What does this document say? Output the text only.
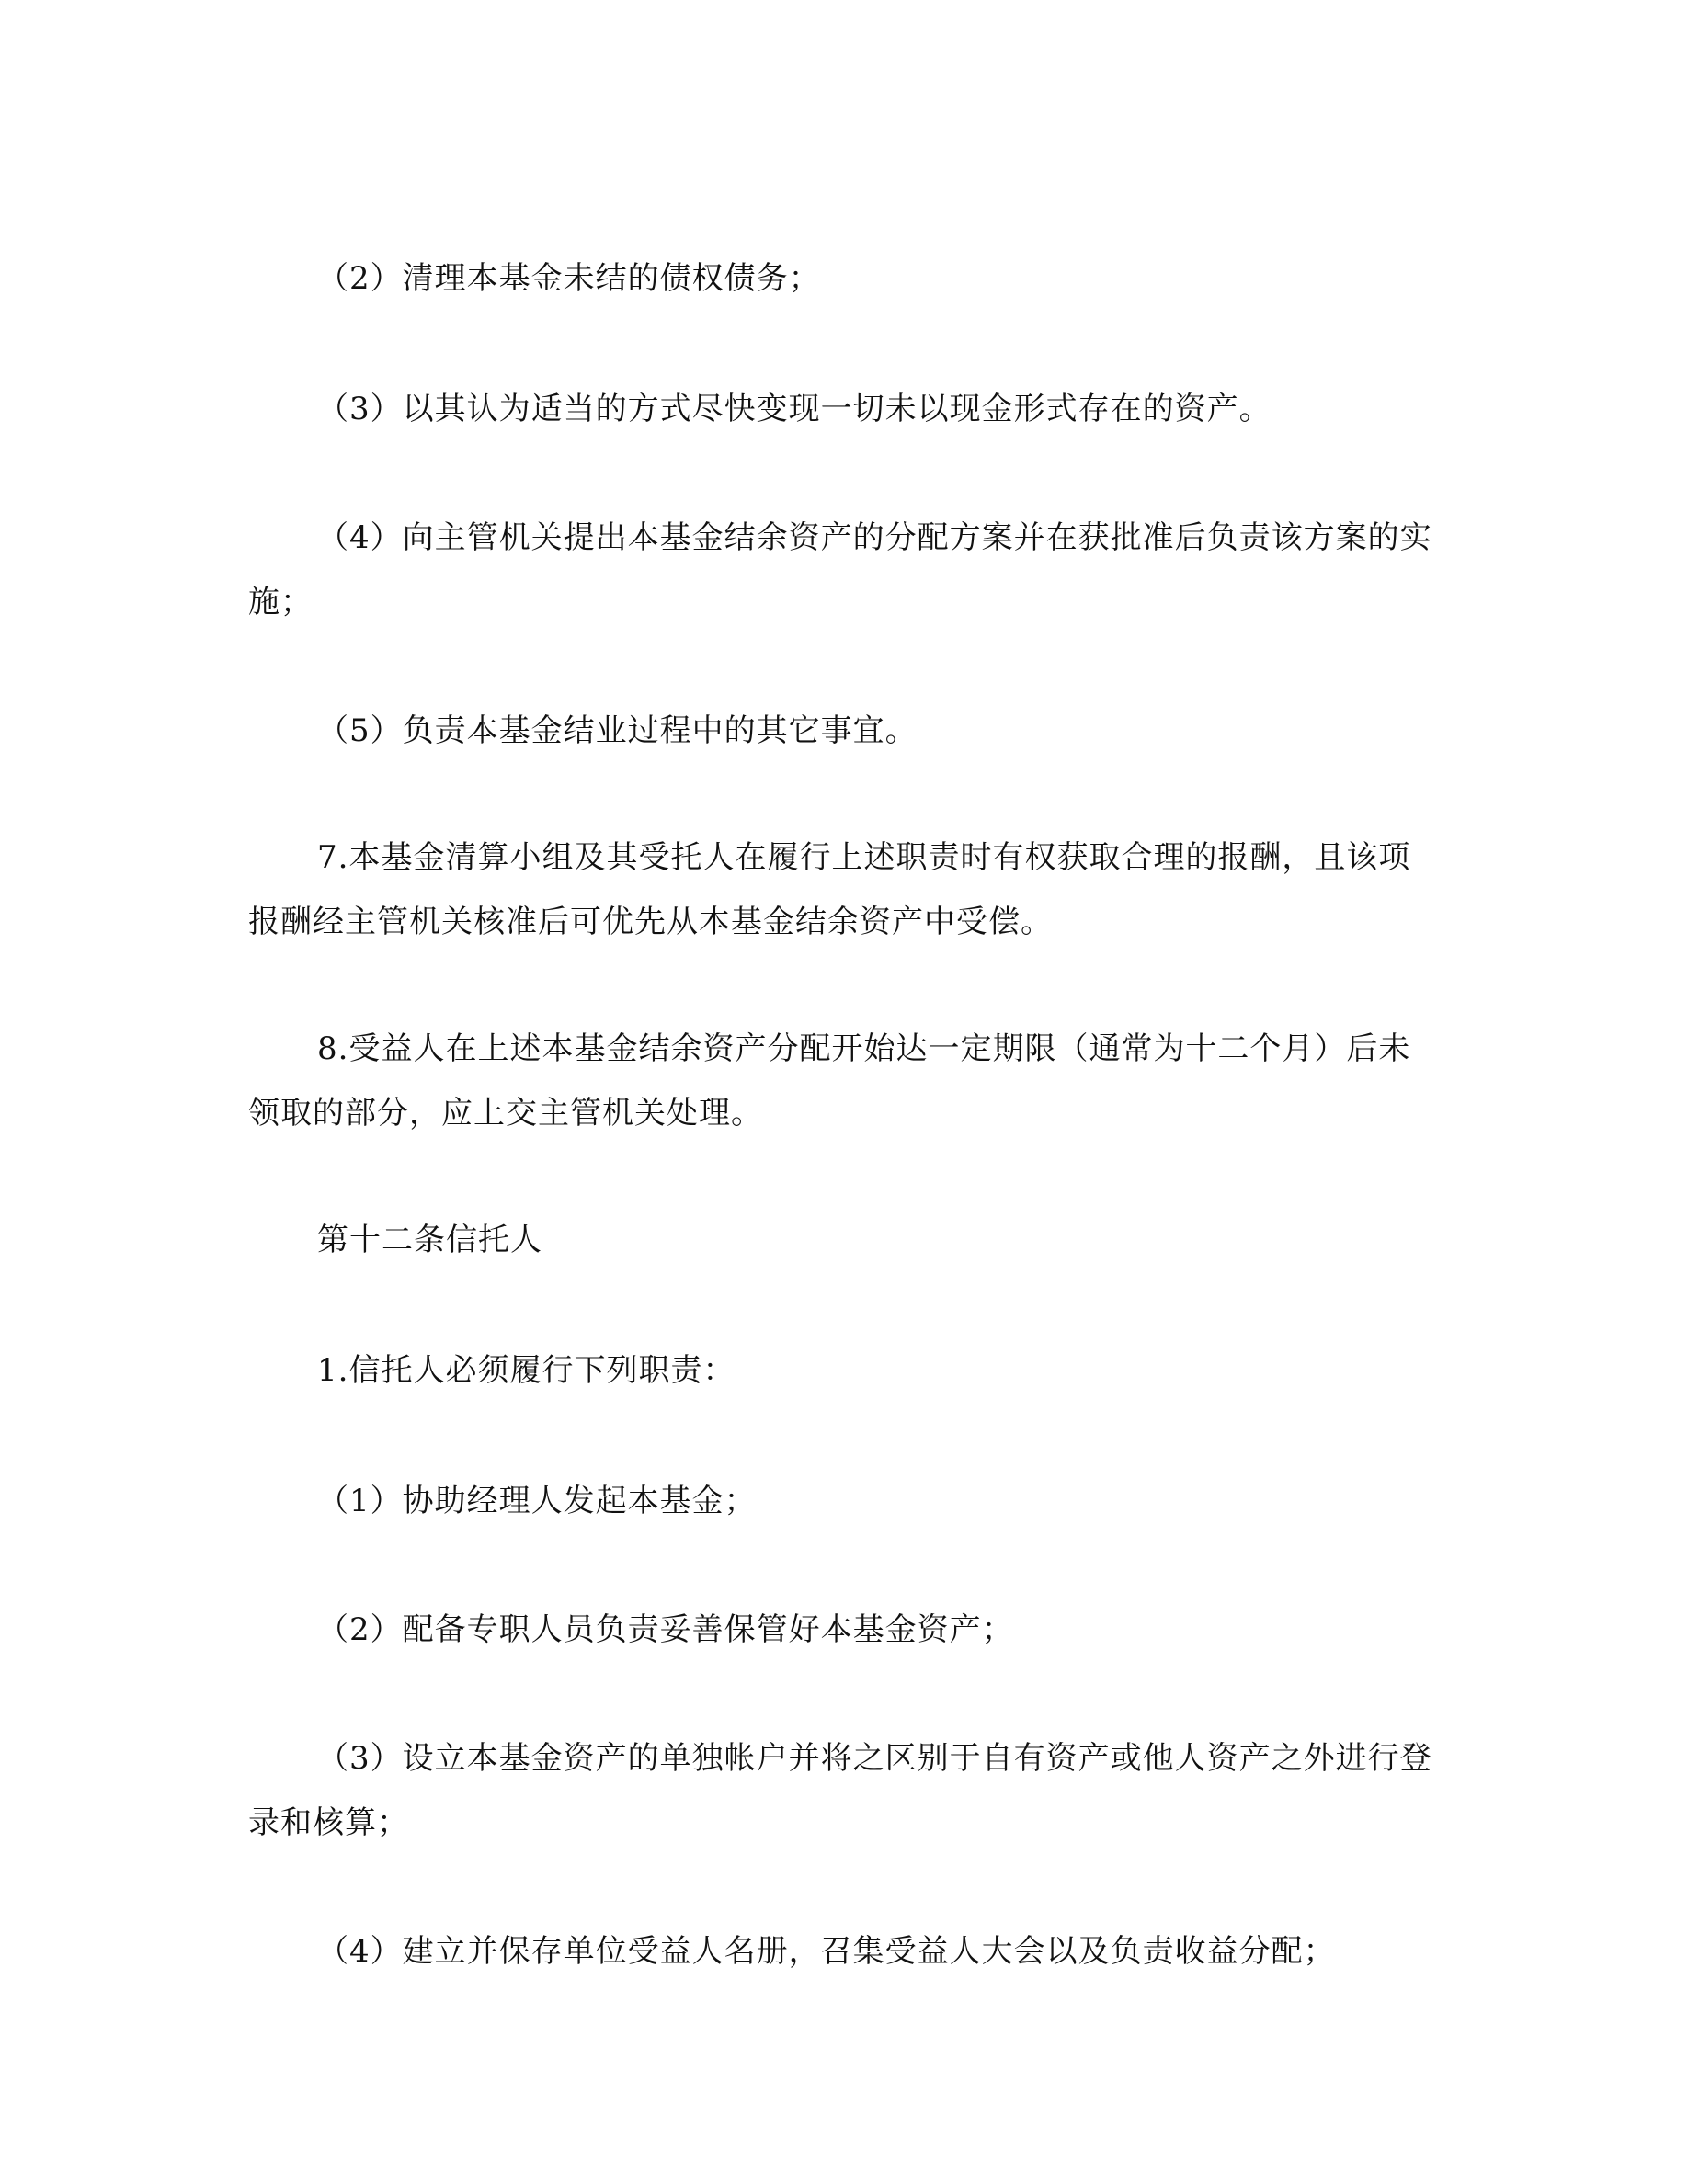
（2）清理本基金未结的债权债务；

（3）以其认为适当的方式尽快变现一切未以现金形式存在的资产。

（4）向主管机关提出本基金结余资产的分配方案并在获批准后负责该方案的实施；

（5）负责本基金结业过程中的其它事宜。

7.本基金清算小组及其受托人在履行上述职责时有权获取合理的报酬，且该项报酬经主管机关核准后可优先从本基金结余资产中受偿。

8.受益人在上述本基金结余资产分配开始达一定期限（通常为十二个月）后未领取的部分，应上交主管机关处理。

第十二条信托人

1.信托人必须履行下列职责：

（1）协助经理人发起本基金；

（2）配备专职人员负责妥善保管好本基金资产；

（3）设立本基金资产的单独帐户并将之区别于自有资产或他人资产之外进行登录和核算；

（4）建立并保存单位受益人名册，召集受益人大会以及负责收益分配；
